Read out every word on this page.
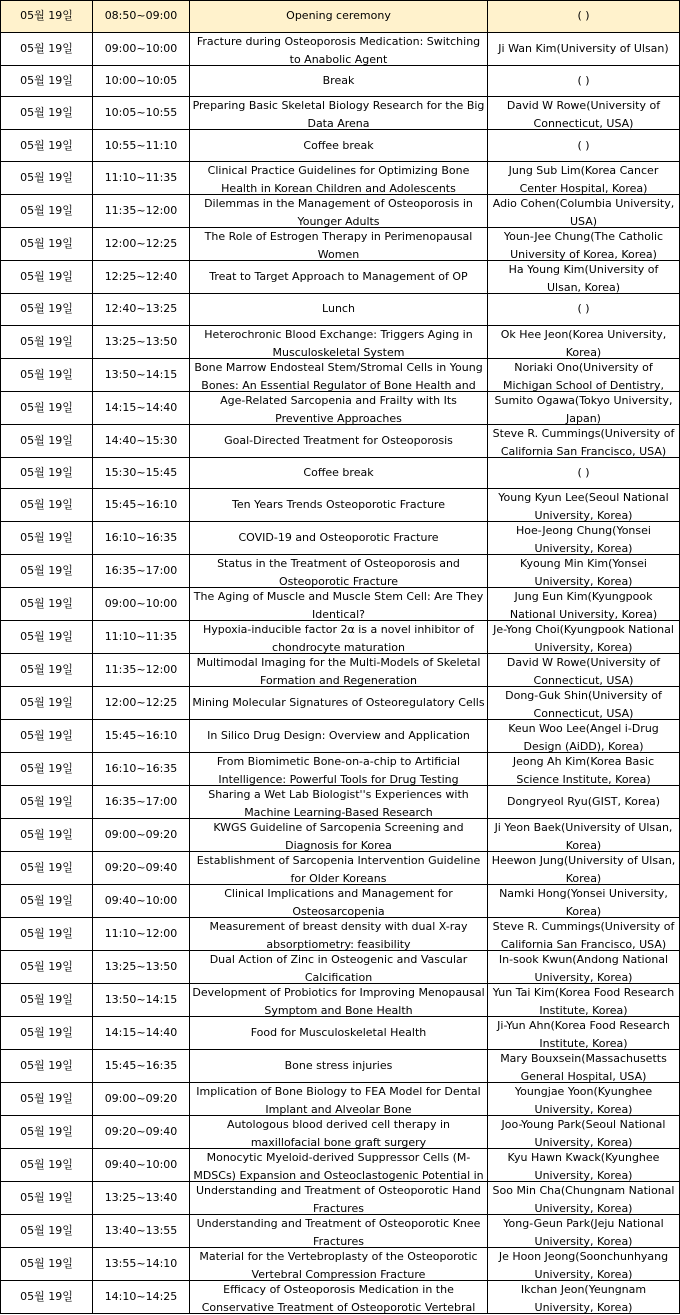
05월 19일	08:50~09:00	Opening ceremony	( )

05월 19일	09:00~10:00	Fracture during Osteoporosis Medication: Switching to Anabolic Agent	Ji Wan Kim(University of Ulsan)

05월 19일	10:00~10:05	Break	( )

05월 19일	10:05~10:55	Preparing Basic Skeletal Biology Research for the Big Data Arena	David W Rowe(University of Connecticut, USA)

05월 19일	10:55~11:10	Coffee break	( )

05월 19일	11:10~11:35	Clinical Practice Guidelines for Optimizing Bone Health in Korean Children and Adolescents	Jung Sub Lim(Korea Cancer Center Hospital, Korea)

05월 19일	11:35~12:00	Dilemmas in the Management of Osteoporosis in Younger Adults	Adio Cohen(Columbia University, USA)

05월 19일	12:00~12:25	The Role of Estrogen Therapy in Perimenopausal Women	Youn-Jee Chung(The Catholic University of Korea, Korea)

05월 19일	12:25~12:40	Treat to Target Approach to Management of OP	Ha Young Kim(University of Ulsan, Korea)

05월 19일	12:40~13:25	Lunch	( )

05월 19일	13:25~13:50	Heterochronic Blood Exchange: Triggers Aging in Musculoskeletal System	Ok Hee Jeon(Korea University, Korea)

05월 19일	13:50~14:15	Bone Marrow Endosteal Stem/Stromal Cells in Young Bones: An Essential Regulator of Bone Health and	Noriaki Ono(University of Michigan School of Dentistry,

05월 19일	14:15~14:40	Age-Related Sarcopenia and Frailty with Its Preventive Approaches	Sumito Ogawa(Tokyo University, Japan)

05월 19일	14:40~15:30	Goal-Directed Treatment for Osteoporosis	Steve R. Cummings(University of California San Francisco, USA)

05월 19일	15:30~15:45	Coffee break	( )

05월 19일	15:45~16:10	Ten Years Trends Osteoporotic Fracture	Young Kyun Lee(Seoul National University, Korea)

05월 19일	16:10~16:35	COVID-19 and Osteoporotic Fracture	Hoe-Jeong Chung(Yonsei University, Korea)

05월 19일	16:35~17:00	Status in the Treatment of Osteoporosis and Osteoporotic Fracture	Kyoung Min Kim(Yonsei University, Korea)

05월 19일	09:00~10:00	The Aging of Muscle and Muscle Stem Cell: Are They Identical?	Jung Eun Kim(Kyungpook National University, Korea)

05월 19일	11:10~11:35	Hypoxia-inducible factor 2α is a novel inhibitor of chondrocyte maturation	Je-Yong Choi(Kyungpook National University, Korea)

05월 19일	11:35~12:00	Multimodal Imaging for the Multi-Models of Skeletal Formation and Regeneration	David W Rowe(University of Connecticut, USA)

05월 19일	12:00~12:25	Mining Molecular Signatures of Osteoregulatory Cells	Dong-Guk Shin(University of Connecticut, USA)

05월 19일	15:45~16:10	In Silico Drug Design: Overview and Application	Keun Woo Lee(Angel i-Drug Design (AiDD), Korea)

05월 19일	16:10~16:35	From Biomimetic Bone-on-a-chip to Artificial Intelligence: Powerful Tools for Drug Testing	Jeong Ah Kim(Korea Basic Science Institute, Korea)

05월 19일	16:35~17:00	Sharing a Wet Lab Biologist''s Experiences with Machine Learning-Based Research	Dongryeol Ryu(GIST, Korea)

05월 19일	09:00~09:20	KWGS Guideline of Sarcopenia Screening and Diagnosis for Korea	Ji Yeon Baek(University of Ulsan, Korea)

05월 19일	09:20~09:40	Establishment of Sarcopenia Intervention Guideline for Older Koreans	Heewon Jung(University of Ulsan, Korea)

05월 19일	09:40~10:00	Clinical Implications and Management for Osteosarcopenia	Namki Hong(Yonsei University, Korea)

05월 19일	11:10~12:00	Measurement of breast density with dual X-ray absorptiometry: feasibility	Steve R. Cummings(University of California San Francisco, USA)

05월 19일	13:25~13:50	Dual Action of Zinc in Osteogenic and Vascular Calcification	In-sook Kwun(Andong National University, Korea)

05월 19일	13:50~14:15	Development of Probiotics for Improving Menopausal Symptom and Bone Health	Yun Tai Kim(Korea Food Research Institute, Korea)

05월 19일	14:15~14:40	Food for Musculoskeletal Health	Ji-Yun Ahn(Korea Food Research Institute, Korea)

05월 19일	15:45~16:35	Bone stress injuries	Mary Bouxsein(Massachusetts General Hospital, USA)

05월 19일	09:00~09:20	Implication of Bone Biology to FEA Model for Dental Implant and Alveolar Bone	Youngjae Yoon(Kyunghee University, Korea)

05월 19일	09:20~09:40	Autologous blood derived cell therapy in maxillofacial bone graft surgery	Joo-Young Park(Seoul National University, Korea)

05월 19일	09:40~10:00	Monocytic Myeloid-derived Suppressor Cells (M-MDSCs) Expansion and Osteoclastogenic Potential in	Kyu Hawn Kwack(Kyunghee University, Korea)

05월 19일	13:25~13:40	Understanding and Treatment of Osteoporotic Hand Fractures	Soo Min Cha(Chungnam National University, Korea)

05월 19일	13:40~13:55	Understanding and Treatment of Osteoporotic Knee Fractures	Yong-Geun Park(Jeju National University, Korea)

05월 19일	13:55~14:10	Material for the Vertebroplasty of the Osteoporotic Vertebral Compression Fracture	Je Hoon Jeong(Soonchunhyang University, Korea)

05월 19일	14:10~14:25	Efficacy of Osteoporosis Medication in the Conservative Treatment of Osteoporotic Vertebral	Ikchan Jeon(Yeungnam University, Korea)
